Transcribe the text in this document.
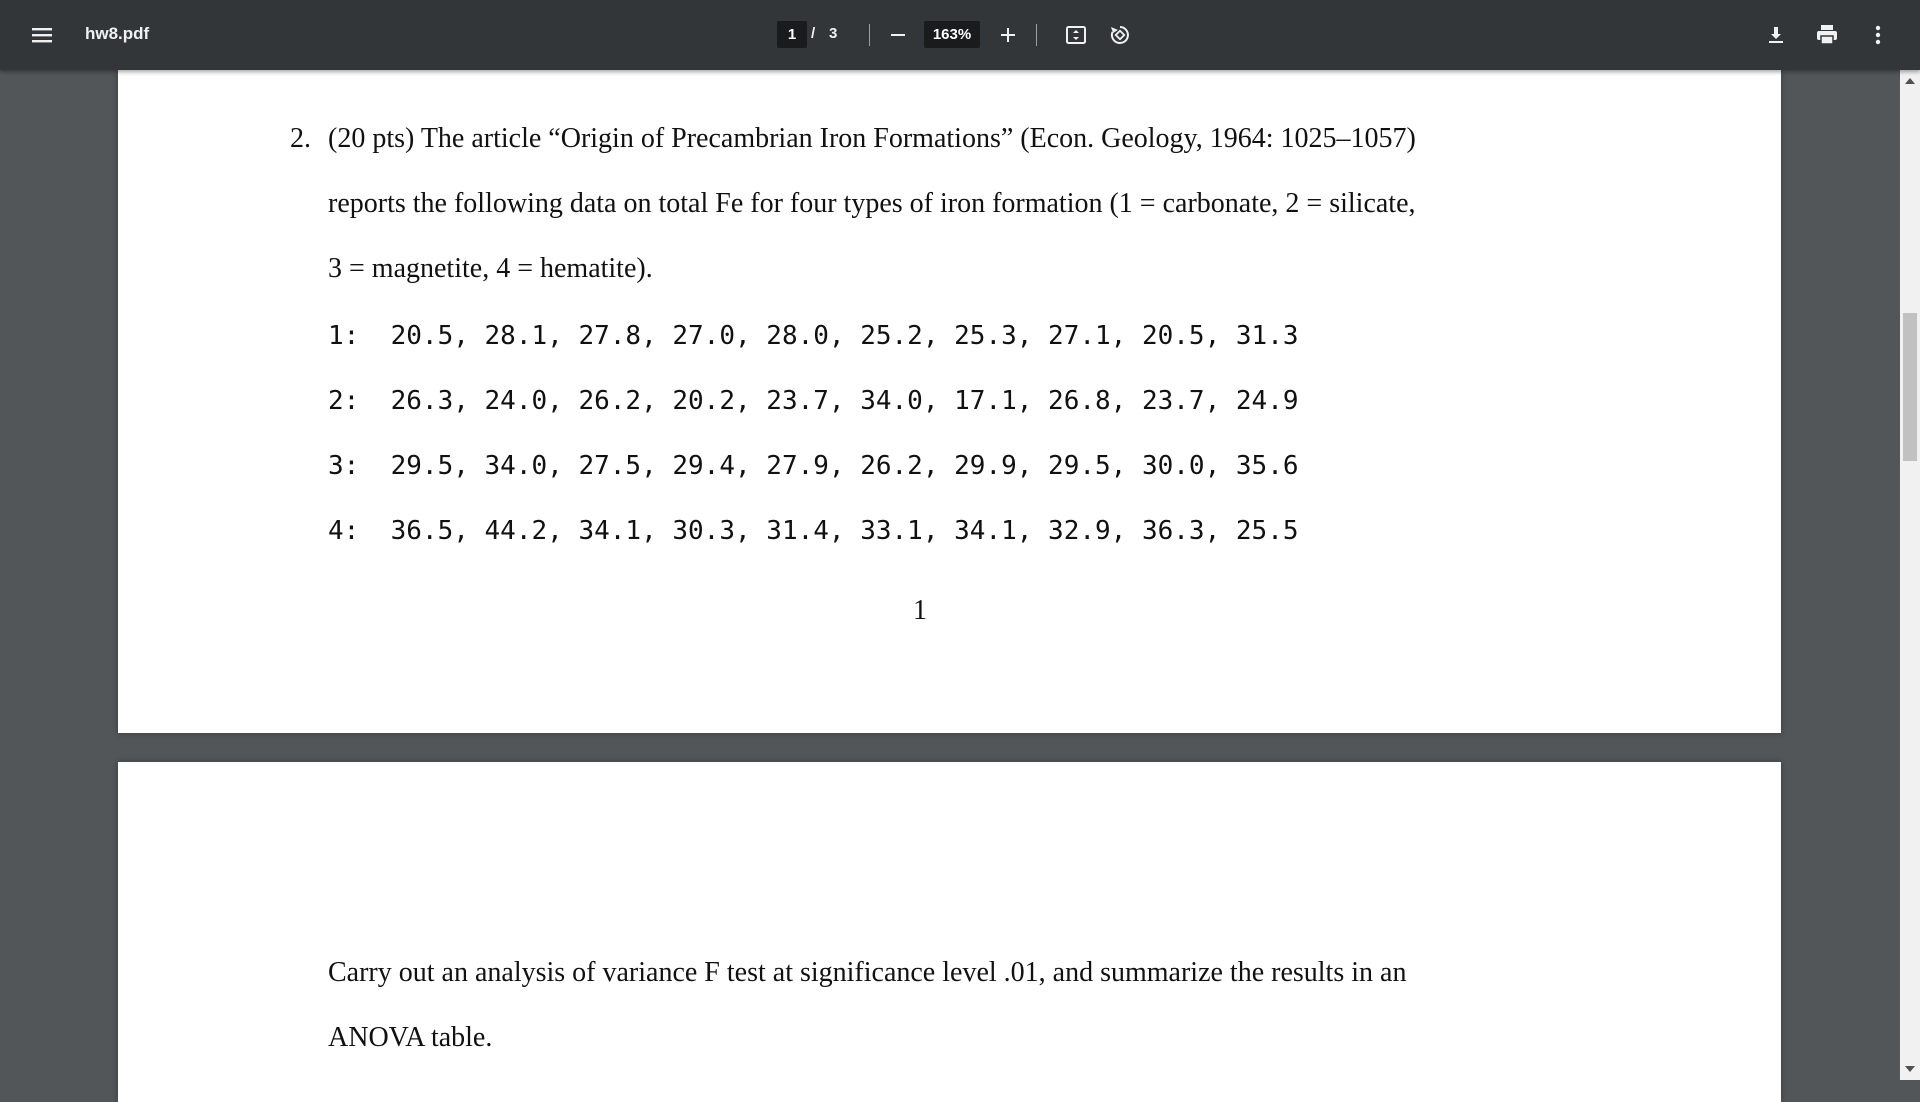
hw8.pdf	1 / 3	163%
2. (20 pts) The article “Origin of Precambrian Iron Formations” (Econ. Geology, 1964: 1025–1057)
reports the following data on total Fe for four types of iron formation (1 = carbonate, 2 = silicate,
3 = magnetite, 4 = hematite).
1:  20.5, 28.1, 27.8, 27.0, 28.0, 25.2, 25.3, 27.1, 20.5, 31.3
2:  26.3, 24.0, 26.2, 20.2, 23.7, 34.0, 17.1, 26.8, 23.7, 24.9
3:  29.5, 34.0, 27.5, 29.4, 27.9, 26.2, 29.9, 29.5, 30.0, 35.6
4:  36.5, 44.2, 34.1, 30.3, 31.4, 33.1, 34.1, 32.9, 36.3, 25.5
1
Carry out an analysis of variance F test at significance level .01, and summarize the results in an
ANOVA table.
